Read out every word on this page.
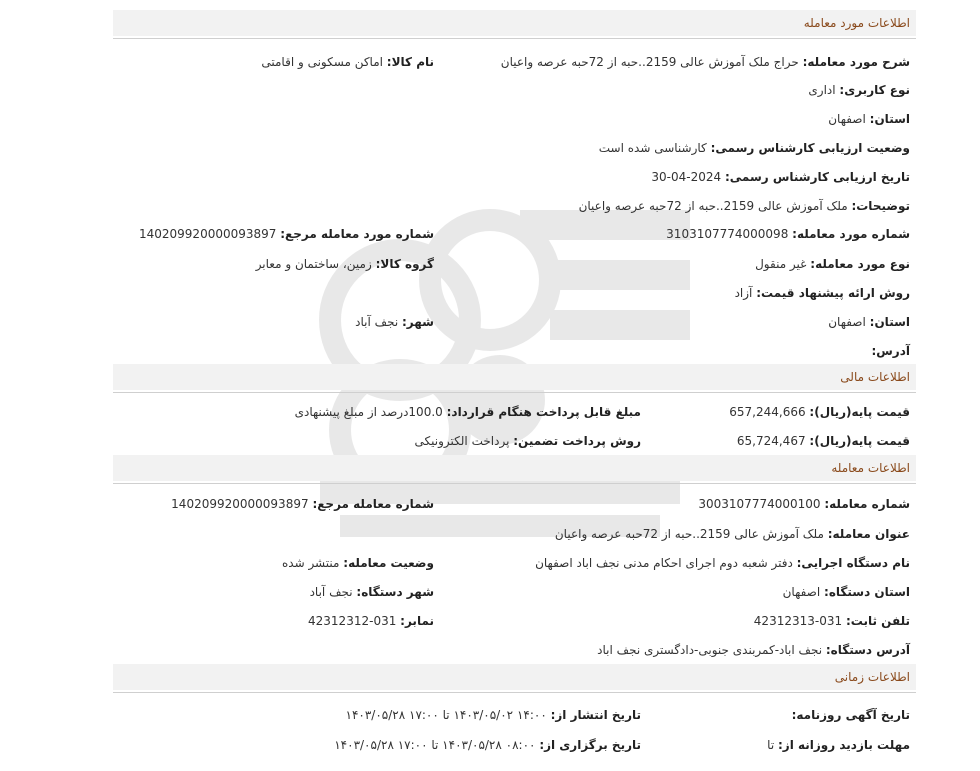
اطلاعات مورد معامله
شرح مورد معامله: حراج ملک آموزش عالی 2159..حبه از 72حبه عرصه واعیان
نام کالا: اماکن مسکونی و اقامتی
نوع کاربری: اداری
استان: اصفهان
وضعیت ارزیابی کارشناس رسمی: کارشناسی شده است
تاریخ ارزیابی کارشناس رسمی: 2024-04-30
توضیحات: ملک آموزش عالی 2159..حبه از 72حبه عرصه واعیان
شماره مورد معامله: 3103107774000098
شماره مورد معامله مرجع: 140209920000093897
نوع مورد معامله: غیر منقول
گروه کالا: زمین، ساختمان و معابر
روش ارائه پیشنهاد قیمت: آزاد
استان: اصفهان
شهر: نجف آباد
آدرس:
اطلاعات مالی
قیمت پایه(ریال): 657,244,666
مبلغ قابل پرداخت هنگام قرارداد: 100.0درصد از مبلغ پیشنهادی
قیمت پایه(ریال): 65,724,467
روش پرداخت تضمین: پرداخت الکترونیکی
اطلاعات معامله
شماره معامله: 3003107774000100
شماره معامله مرجع: 140209920000093897
عنوان معامله: ملک آموزش عالی 2159..حبه از 72حبه عرصه واعیان
نام دستگاه اجرایی: دفتر شعبه دوم اجرای احکام مدنی نجف اباد اصفهان
وضعیت معامله: منتشر شده
استان دستگاه: اصفهان
شهر دستگاه: نجف آباد
تلفن ثابت: 031-42312313
نمابر: 031-42312312
آدرس دستگاه: نجف اباد-کمربندی جنوبی-دادگستری نجف اباد
اطلاعات زمانی
تاریخ آگهی روزنامه:
تاریخ انتشار از: ۱۴:۰۰ ۱۴۰۳/۰۵/۰۲ تا ۱۷:۰۰ ۱۴۰۳/۰۵/۲۸
مهلت بازدید روزانه از: تا
تاریخ برگزاری از: ۰۸:۰۰ ۱۴۰۳/۰۵/۲۸ تا ۱۷:۰۰ ۱۴۰۳/۰۵/۲۸
